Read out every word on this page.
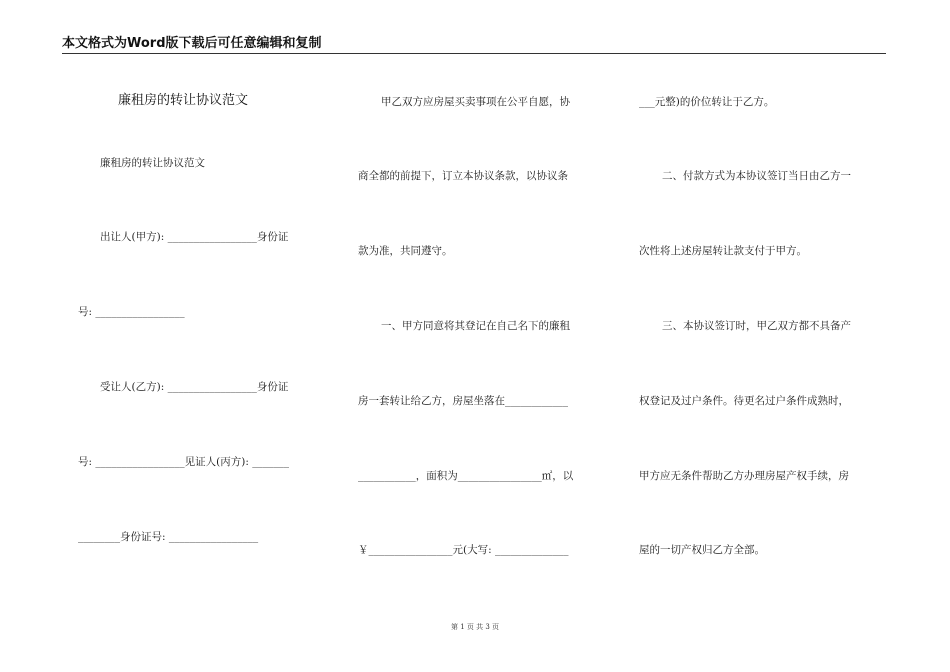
本文格式为Word版下载后可任意编辑和复制
廉租房的转让协议范文
廉租房的转让协议范文
出让人(甲方): _________________身份证
号: _________________
受让人(乙方): _________________身份证
号: _________________见证人(丙方): _______
________身份证号: _________________
甲乙双方应房屋买卖事项在公平自愿，协
商全都的前提下，订立本协议条款，以协议条
款为准，共同遵守。
一、甲方同意将其登记在自己名下的廉租
房一套转让给乙方，房屋坐落在____________
___________，面积为________________㎡，以
￥________________元(大写: ______________
___元整)的价位转让于乙方。
二、付款方式为本协议签订当日由乙方一
次性将上述房屋转让款支付于甲方。
三、本协议签订时，甲乙双方都不具备产
权登记及过户条件。待更名过户条件成熟时，
甲方应无条件帮助乙方办理房屋产权手续，房
屋的一切产权归乙方全部。
第 1 页 共 3 页
